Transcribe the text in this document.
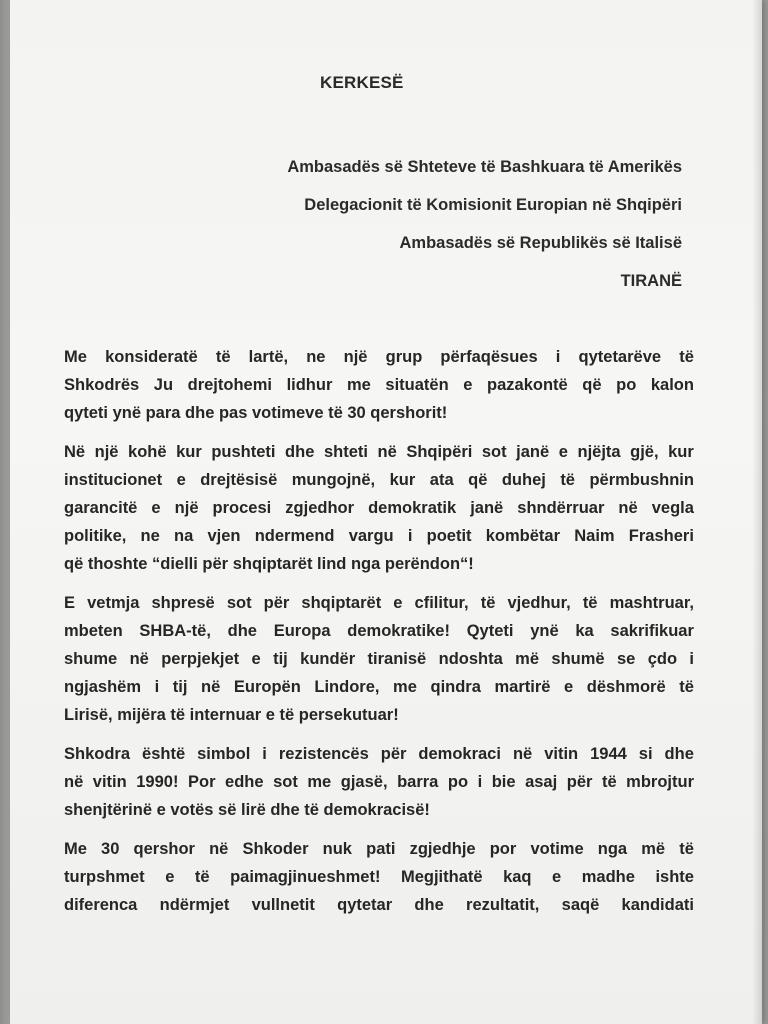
KERKESË
Ambasadës së Shteteve të Bashkuara të Amerikës
Delegacionit të Komisionit Europian në Shqipëri
Ambasadës së Republikës së Italisë
TIRANË
Me konsideratë të lartë, ne një grup përfaqësues i qytetarëve të
Shkodrës Ju drejtohemi lidhur me situatën e pazakontë që po kalon
qyteti ynë para dhe pas votimeve të 30 qershorit!
Në një kohë kur pushteti dhe shteti në Shqipëri sot janë e njëjta gjë, kur
institucionet e drejtësisë mungojnë, kur ata që duhej të përmbushnin
garancitë e një procesi zgjedhor demokratik janë shndërruar në vegla
politike, ne na vjen ndermend vargu i poetit kombëtar Naim Frasheri
që thoshte “dielli për shqiptarët lind nga perëndon“!
E vetmja shpresë sot për shqiptarët e cfilitur, të vjedhur, të mashtruar,
mbeten SHBA-të, dhe Europa demokratike! Qyteti ynë ka sakrifikuar
shume në perpjekjet e tij kundër tiranisë ndoshta më shumë se çdo i
ngjashëm i tij në Europën Lindore, me qindra martirë e dëshmorë të
Lirisë, mijëra të internuar e të persekutuar!
Shkodra është simbol i rezistencës për demokraci në vitin 1944 si dhe
në vitin 1990! Por edhe sot me gjasë, barra po i bie asaj për të mbrojtur
shenjtërinë e votës së lirë dhe të demokracisë!
Me 30 qershor në Shkoder nuk pati zgjedhje por votime nga më të
turpshmet e të paimagjinueshmet! Megjithatë kaq e madhe ishte
diferenca ndërmjet vullnetit qytetar dhe rezultatit, saqë kandidati
